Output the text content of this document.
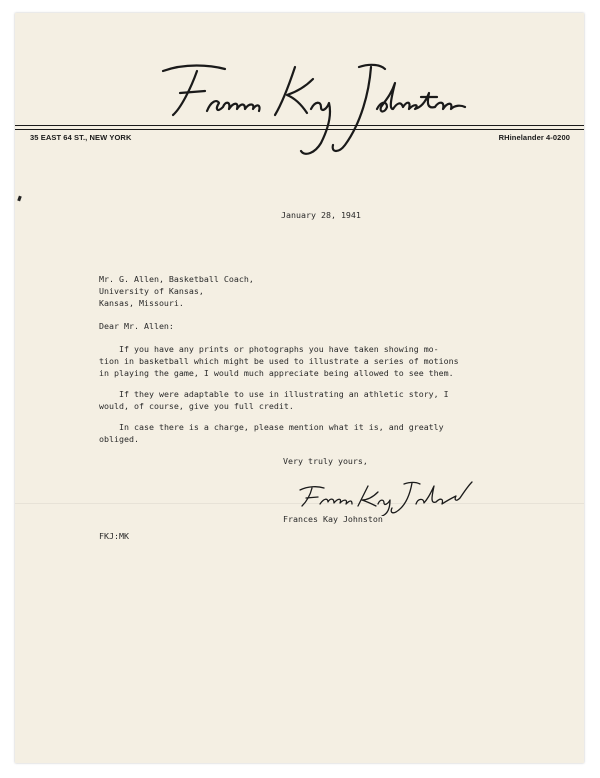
35 EAST 64 ST., NEW YORK	RHinelander 4-0200
January 28, 1941
Mr. G. Allen, Basketball Coach,
University of Kansas,
Kansas, Missouri.
Dear Mr. Allen:
If you have any prints or photographs you have taken showing mo-
tion in basketball which might be used to illustrate a series of motions
in playing the game, I would much appreciate being allowed to see them.
If they were adaptable to use in illustrating an athletic story, I
would, of course, give you full credit.
In case there is a charge, please mention what it is, and greatly
obliged.
Very truly yours,
Frances Kay Johnston
FKJ:MK
